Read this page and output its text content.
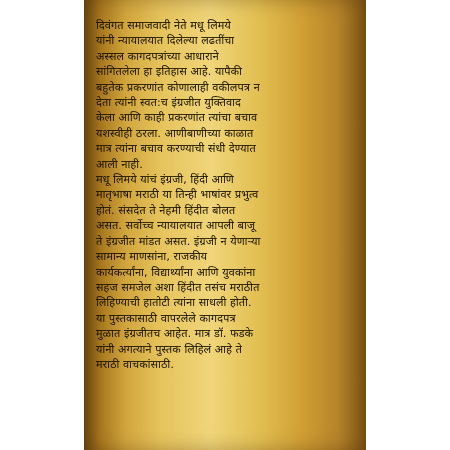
दिवंगत समाजवादी नेते मधू लिमये
यांनी न्यायालयात दिलेल्या लढतींचा
अस्सल कागदपत्रांच्या आधाराने
सांगितलेला हा इतिहास आहे. यापैकी
बहुतेक प्रकरणांत कोणालाही वकीलपत्र न
देता त्यांनी स्वत:च इंग्रजीत युक्तिवाद
केला आणि काही प्रकरणांत त्यांचा बचाव
यशस्वीही ठरला. आणीबाणीच्या काळात
मात्र त्यांना बचाव करण्याची संधी देण्यात
आली नाही.

मधू लिमये यांचं इंग्रजी, हिंदी आणि
मातृभाषा मराठी या तिन्ही भाषांवर प्रभुत्व
होतं. संसदेत ते नेहमी हिंदीत बोलत
असत. सर्वोच्च न्यायालयात आपली बाजू
ते इंग्रजीत मांडत असत. इंग्रजी न येणाऱ्या
सामान्य माणसांना, राजकीय
कार्यकर्त्यांना, विद्यार्थ्यांना आणि युवकांना
सहज समजेल अशा हिंदीत तसंच मराठीत
लिहिण्याची हातोटी त्यांना साधली होती.

या पुस्तकासाठी वापरलेले कागदपत्र
मुळात इंग्रजीतच आहेत. मात्र डॉ. फडके
यांनी अगत्याने पुस्तक लिहिलं आहे ते
मराठी वाचकांसाठी.
